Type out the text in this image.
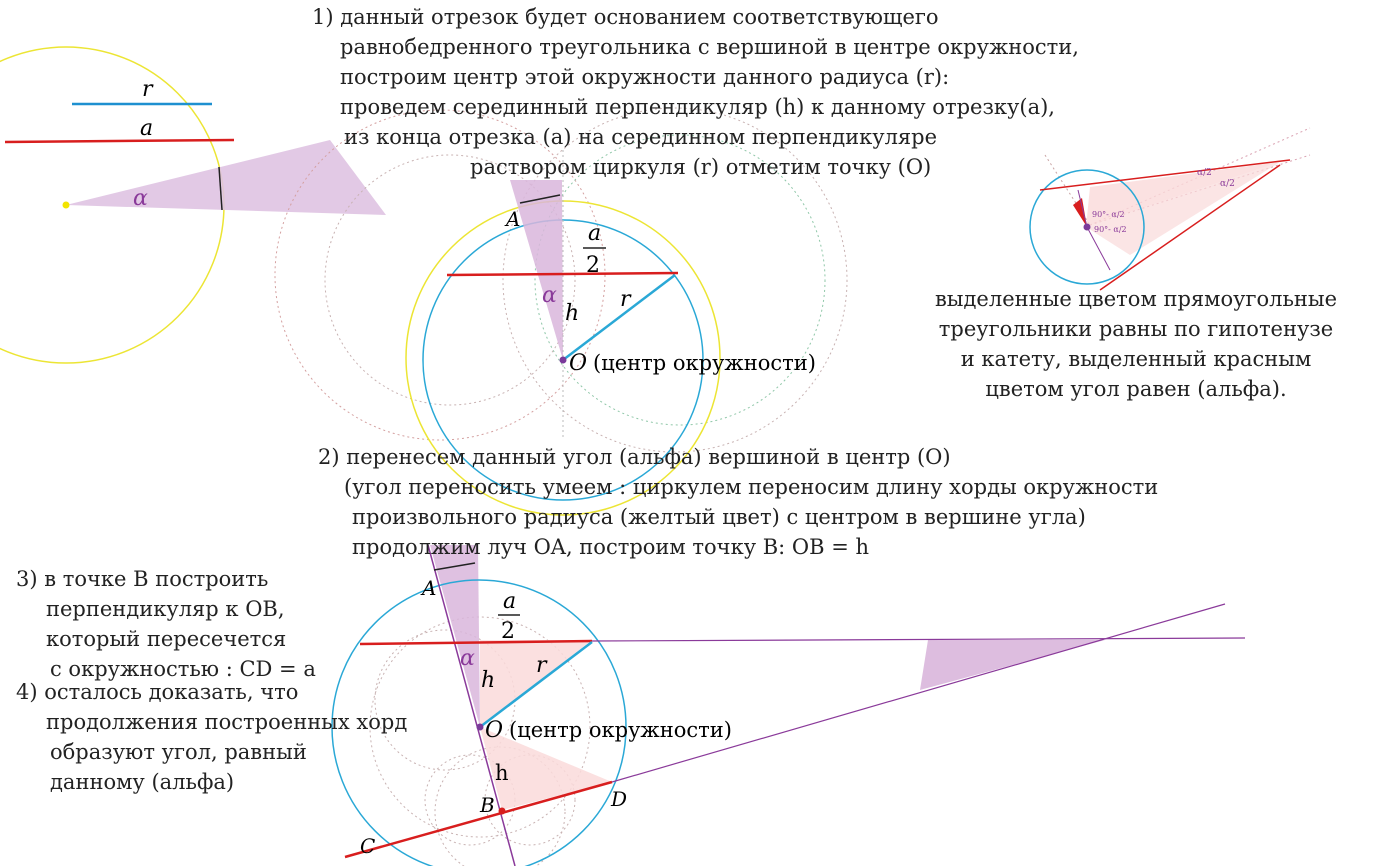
r
a
α
A
a
2
α
h
r
O (центр окружности)
90°- α/2
90°- α/2
α/2
α/2
A
a
2
α
h
r
O (центр окружности)
h
B
C
D
1) данный отрезок будет основанием соответствующего
равнобедренного треугольника с вершиной в центре окружности,
построим центр этой окружности данного радиуса (r):
проведем серединный перпендикуляр (h) к данному отрезку(a),
из конца отрезка (a) на серединном перпендикуляре
раствором циркуля (r) отметим точку (O)
выделенные цветом прямоугольные
треугольники равны по гипотенузе
и катету, выделенный красным
цветом угол равен (альфа).
2) перенесем данный угол (альфа) вершиной в центр (O)
(угол переносить умеем : циркулем переносим длину хорды окружности
произвольного радиуса (желтый цвет) с центром в вершине угла)
продолжим луч OA, построим точку B: OB = h
3) в точке B построить
перпендикуляр к OB,
который пересечется
с окружностью : CD = a
4) осталось доказать, что
продолжения построенных хорд
образуют угол, равный
данному (альфа)
